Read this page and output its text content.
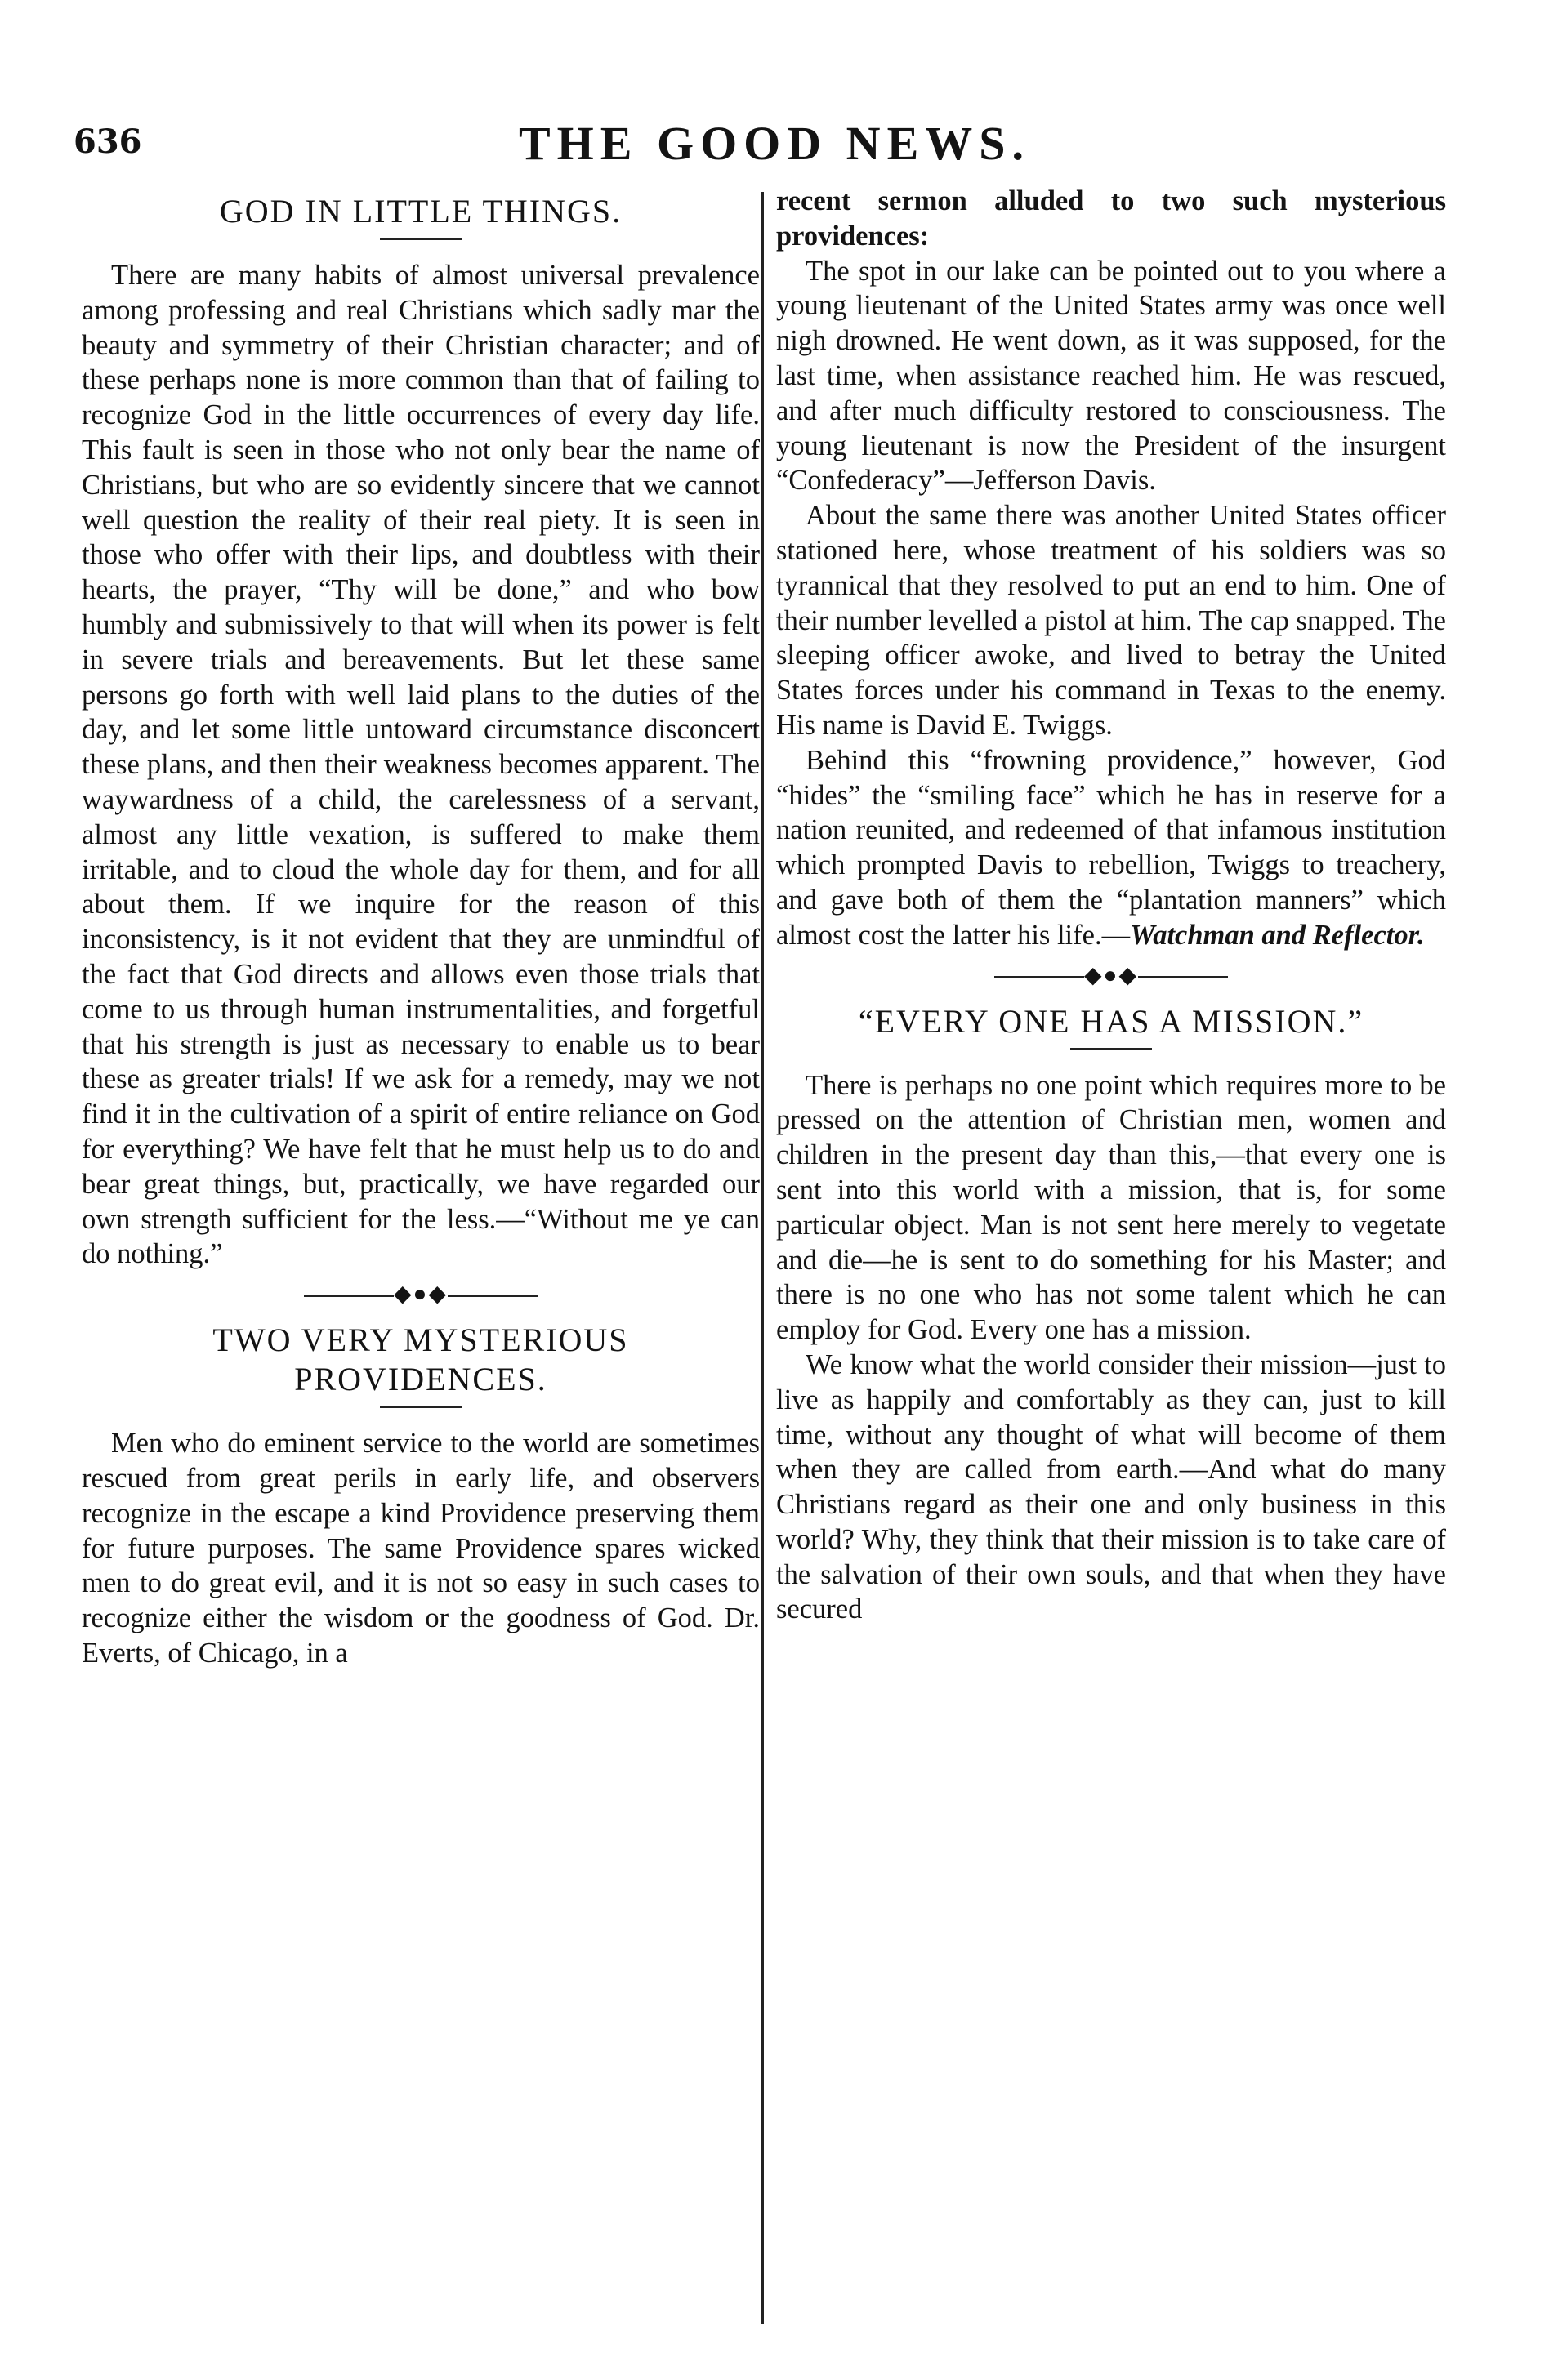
636	THE GOOD NEWS.
GOD IN LITTLE THINGS.

There are many habits of almost universal prevalence among professing and real Christians which sadly mar the beauty and symmetry of their Christian character; and of these perhaps none is more common than that of failing to recognize God in the little occurrences of every day life. This fault is seen in those who not only bear the name of Christians, but who are so evidently sincere that we cannot well question the reality of their real piety. It is seen in those who offer with their lips, and doubtless with their hearts, the prayer, “Thy will be done,” and who bow humbly and submissively to that will when its power is felt in severe trials and bereavements. But let these same persons go forth with well laid plans to the duties of the day, and let some little untoward circumstance disconcert these plans, and then their weakness becomes apparent. The waywardness of a child, the carelessness of a servant, almost any little vexation, is suffered to make them irritable, and to cloud the whole day for them, and for all about them. If we inquire for the reason of this inconsistency, is it not evident that they are unmindful of the fact that God directs and allows even those trials that come to us through human instrumentalities, and forgetful that his strength is just as necessary to enable us to bear these as greater trials! If we ask for a remedy, may we not find it in the cultivation of a spirit of entire reliance on God for everything? We have felt that he must help us to do and bear great things, but, practically, we have regarded our own strength sufficient for the less.—“Without me ye can do nothing.”

◆●◆
TWO VERY MYSTERIOUS PROVIDENCES.

Men who do eminent service to the world are sometimes rescued from great perils in early life, and observers recognize in the escape a kind Providence preserving them for future purposes. The same Providence spares wicked men to do great evil, and it is not so easy in such cases to recognize either the wisdom or the goodness of God. Dr. Everts, of Chicago, in a

recent sermon alluded to two such mysterious providences:

The spot in our lake can be pointed out to you where a young lieutenant of the United States army was once well nigh drowned. He went down, as it was supposed, for the last time, when assistance reached him. He was rescued, and after much difficulty restored to consciousness. The young lieutenant is now the President of the insurgent “Confederacy”—Jefferson Davis.

About the same there was another United States officer stationed here, whose treatment of his soldiers was so tyrannical that they resolved to put an end to him. One of their number levelled a pistol at him. The cap snapped. The sleeping officer awoke, and lived to betray the United States forces under his command in Texas to the enemy. His name is David E. Twiggs.

Behind this “frowning providence,” however, God “hides” the “smiling face” which he has in reserve for a nation reunited, and redeemed of that infamous institution which prompted Davis to rebellion, Twiggs to treachery, and gave both of them the “plantation manners” which almost cost the latter his life.—Watchman and Reflector.

◆●◆
“EVERY ONE HAS A MISSION.”

There is perhaps no one point which requires more to be pressed on the attention of Christian men, women and children in the present day than this,—that every one is sent into this world with a mission, that is, for some particular object. Man is not sent here merely to vegetate and die—he is sent to do something for his Master; and there is no one who has not some talent which he can employ for God. Every one has a mission.

We know what the world consider their mission—just to live as happily and comfortably as they can, just to kill time, without any thought of what will become of them when they are called from earth.—And what do many Christians regard as their one and only business in this world? Why, they think that their mission is to take care of the salvation of their own souls, and that when they have secured
